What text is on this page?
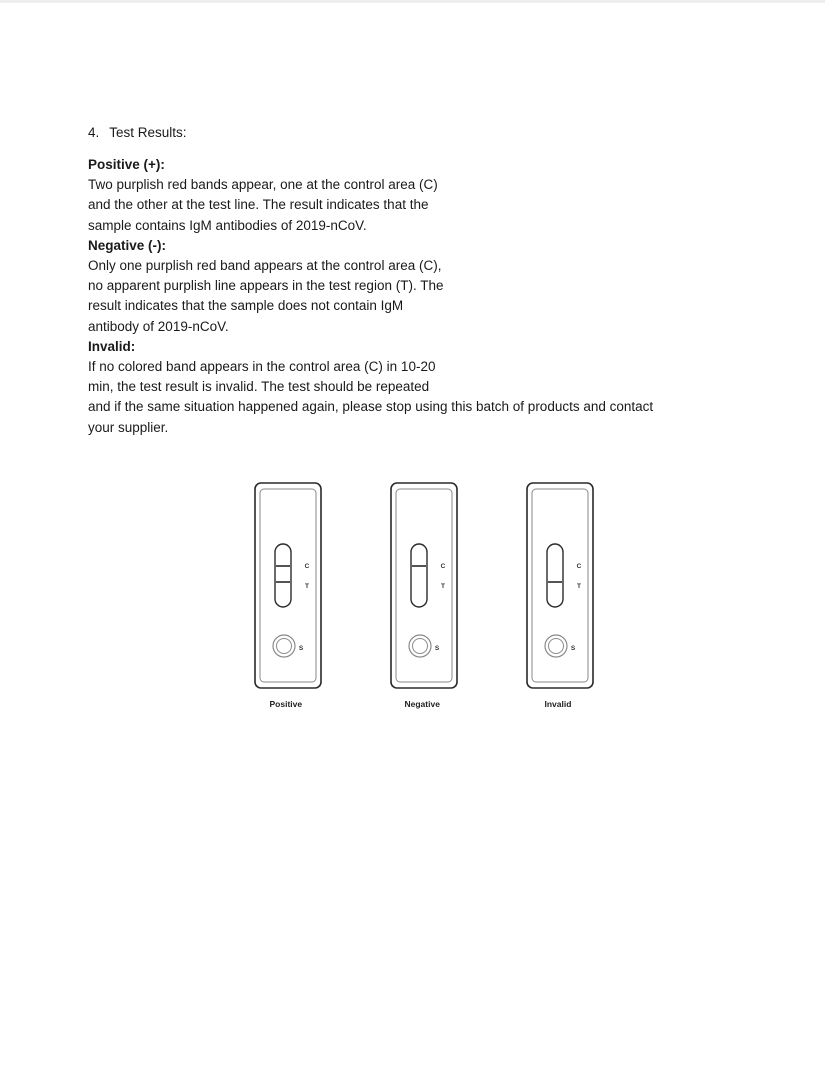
4. Test Results:
Positive (+):
Two purplish red bands appear, one at the control area (C)
and the other at the test line. The result indicates that the
sample contains IgM antibodies of 2019-nCoV.
Negative (-):
Only one purplish red band appears at the control area (C),
no apparent purplish line appears in the test region (T). The
result indicates that the sample does not contain IgM
antibody of 2019-nCoV.
Invalid:
If no colored band appears in the control area (C) in 10-20
min, the test result is invalid. The test should be repeated
and if the same situation happened again, please stop using this batch of products and contact
your supplier.
C
T
S
C
T
S
C
T
S
Positive	Negative	Invalid
